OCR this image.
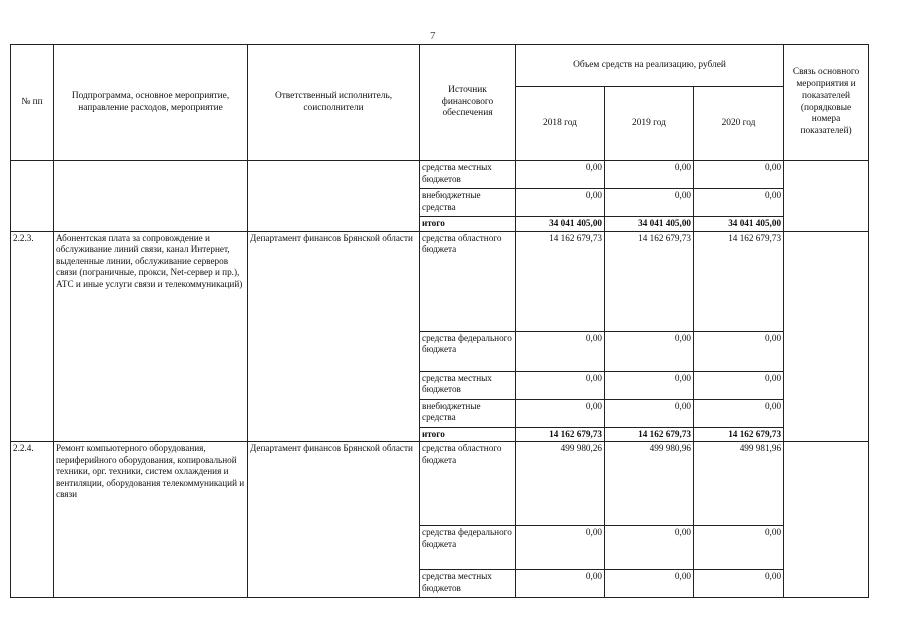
7
№ пп	Подпрограмма, основное мероприятие, направление расходов, мероприятие	Ответственный исполнитель, соисполнители	Источник финансового обеспечения	Объем средств на реализацию, рублей			Связь основного мероприятия и показателей (порядковые номера показателей)
				2018 год	2019 год	2020 год	
			средства местных бюджетов	0,00	0,00	0,00	
			внебюджетные средства	0,00	0,00	0,00	
			итого	34 041 405,00	34 041 405,00	34 041 405,00	
2.2.3.	Абонентская плата за сопровождение и обслуживание линий связи, канал Интернет, выделенные линии, обслуживание серверов связи (пограничные, прокси, Net-сервер и пр.), АТС и иные услуги связи и телекоммуникаций)	Департамент финансов Брянской области	средства областного бюджета	14 162 679,73	14 162 679,73	14 162 679,73	
			средства федерального бюджета	0,00	0,00	0,00	
			средства местных бюджетов	0,00	0,00	0,00	
			внебюджетные средства	0,00	0,00	0,00	
			итого	14 162 679,73	14 162 679,73	14 162 679,73	
2.2.4.	Ремонт компьютерного оборудования, периферийного оборудования, копировальной техники, орг. техники, систем охлаждения и вентиляции, оборудования телекоммуникаций и связи	Департамент финансов Брянской области	средства областного бюджета	499 980,26	499 980,96	499 981,96	
			средства федерального бюджета	0,00	0,00	0,00	
			средства местных бюджетов	0,00	0,00	0,00	
